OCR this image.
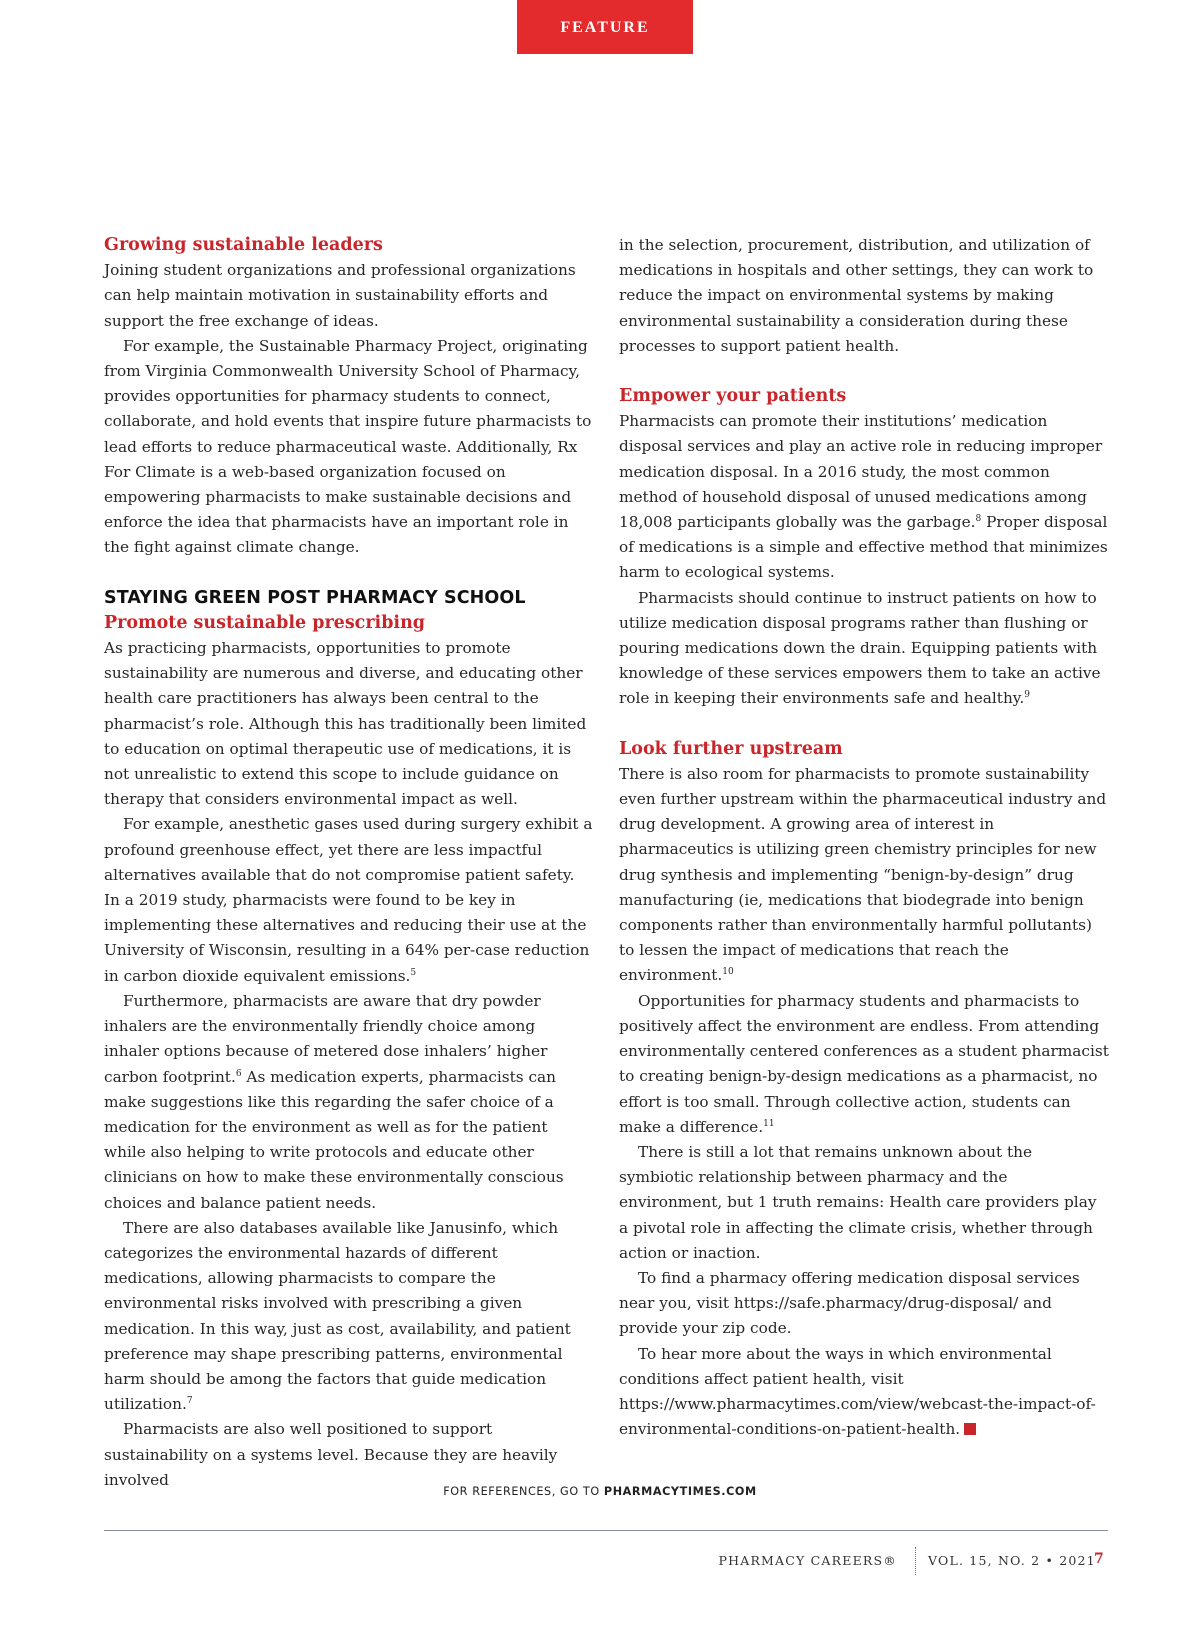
FEATURE
Growing sustainable leaders

Joining student organizations and professional organizations can help maintain motivation in sustainability efforts and support the free exchange of ideas.

For example, the Sustainable Pharmacy Project, originating from Virginia Commonwealth University School of Pharmacy, provides opportunities for pharmacy students to connect, collaborate, and hold events that inspire future pharmacists to lead efforts to reduce pharmaceutical waste. Additionally, Rx For Climate is a web-based organization focused on empowering pharmacists to make sustainable decisions and enforce the idea that pharmacists have an important role in the fight against climate change.

STAYING GREEN POST PHARMACY SCHOOL
Promote sustainable prescribing

As practicing pharmacists, opportunities to promote sustainability are numerous and diverse, and educating other health care practitioners has always been central to the pharmacist’s role. Although this has traditionally been limited to education on optimal therapeutic use of medications, it is not unrealistic to extend this scope to include guidance on therapy that considers environmental impact as well.

For example, anesthetic gases used during surgery exhibit a profound greenhouse effect, yet there are less impactful alternatives available that do not compromise patient safety. In a 2019 study, pharmacists were found to be key in implementing these alternatives and reducing their use at the University of Wisconsin, resulting in a 64% per-case reduction in carbon dioxide equivalent emissions.$^5$

Furthermore, pharmacists are aware that dry powder inhalers are the environmentally friendly choice among inhaler options because of metered dose inhalers’ higher carbon footprint.$^6$ As medication experts, pharmacists can make suggestions like this regarding the safer choice of a medication for the environment as well as for the patient while also helping to write protocols and educate other clinicians on how to make these environmentally conscious choices and balance patient needs.

There are also databases available like Janusinfo, which categorizes the environmental hazards of different medications, allowing pharmacists to compare the environmental risks involved with prescribing a given medication. In this way, just as cost, availability, and patient preference may shape prescribing patterns, environmental harm should be among the factors that guide medication utilization.$^7$

Pharmacists are also well positioned to support sustainability on a systems level. Because they are heavily involved

in the selection, procurement, distribution, and utilization of medications in hospitals and other settings, they can work to reduce the impact on environmental systems by making environmental sustainability a consideration during these processes to support patient health.

Empower your patients

Pharmacists can promote their institutions’ medication disposal services and play an active role in reducing improper medication disposal. In a 2016 study, the most common method of household disposal of unused medications among 18,008 participants globally was the garbage.$^8$ Proper disposal of medications is a simple and effective method that minimizes harm to ecological systems.

Pharmacists should continue to instruct patients on how to utilize medication disposal programs rather than flushing or pouring medications down the drain. Equipping patients with knowledge of these services empowers them to take an active role in keeping their environments safe and healthy.$^9$

Look further upstream

There is also room for pharmacists to promote sustainability even further upstream within the pharmaceutical industry and drug development. A growing area of interest in pharmaceutics is utilizing green chemistry principles for new drug synthesis and implementing “benign-by-design” drug manufacturing (ie, medications that biodegrade into benign components rather than environmentally harmful pollutants) to lessen the impact of medications that reach the environment.$^{10}$

Opportunities for pharmacy students and pharmacists to positively affect the environment are endless. From attending environmentally centered conferences as a student pharmacist to creating benign-by-design medications as a pharmacist, no effort is too small. Through collective action, students can make a difference.$^{11}$

There is still a lot that remains unknown about the symbiotic relationship between pharmacy and the environment, but 1 truth remains: Health care providers play a pivotal role in affecting the climate crisis, whether through action or inaction.

To find a pharmacy offering medication disposal services near you, visit https://safe.pharmacy/drug-disposal/ and provide your zip code.

To hear more about the ways in which environmental conditions affect patient health, visit https://www.pharmacytimes.com/view/webcast-the-impact-of-environmental-conditions-on-patient-health.

FOR REFERENCES, GO TO PHARMACYTIMES.COM
PHARMACY CAREERS® VOL. 15, NO. 2 • 2021
7
